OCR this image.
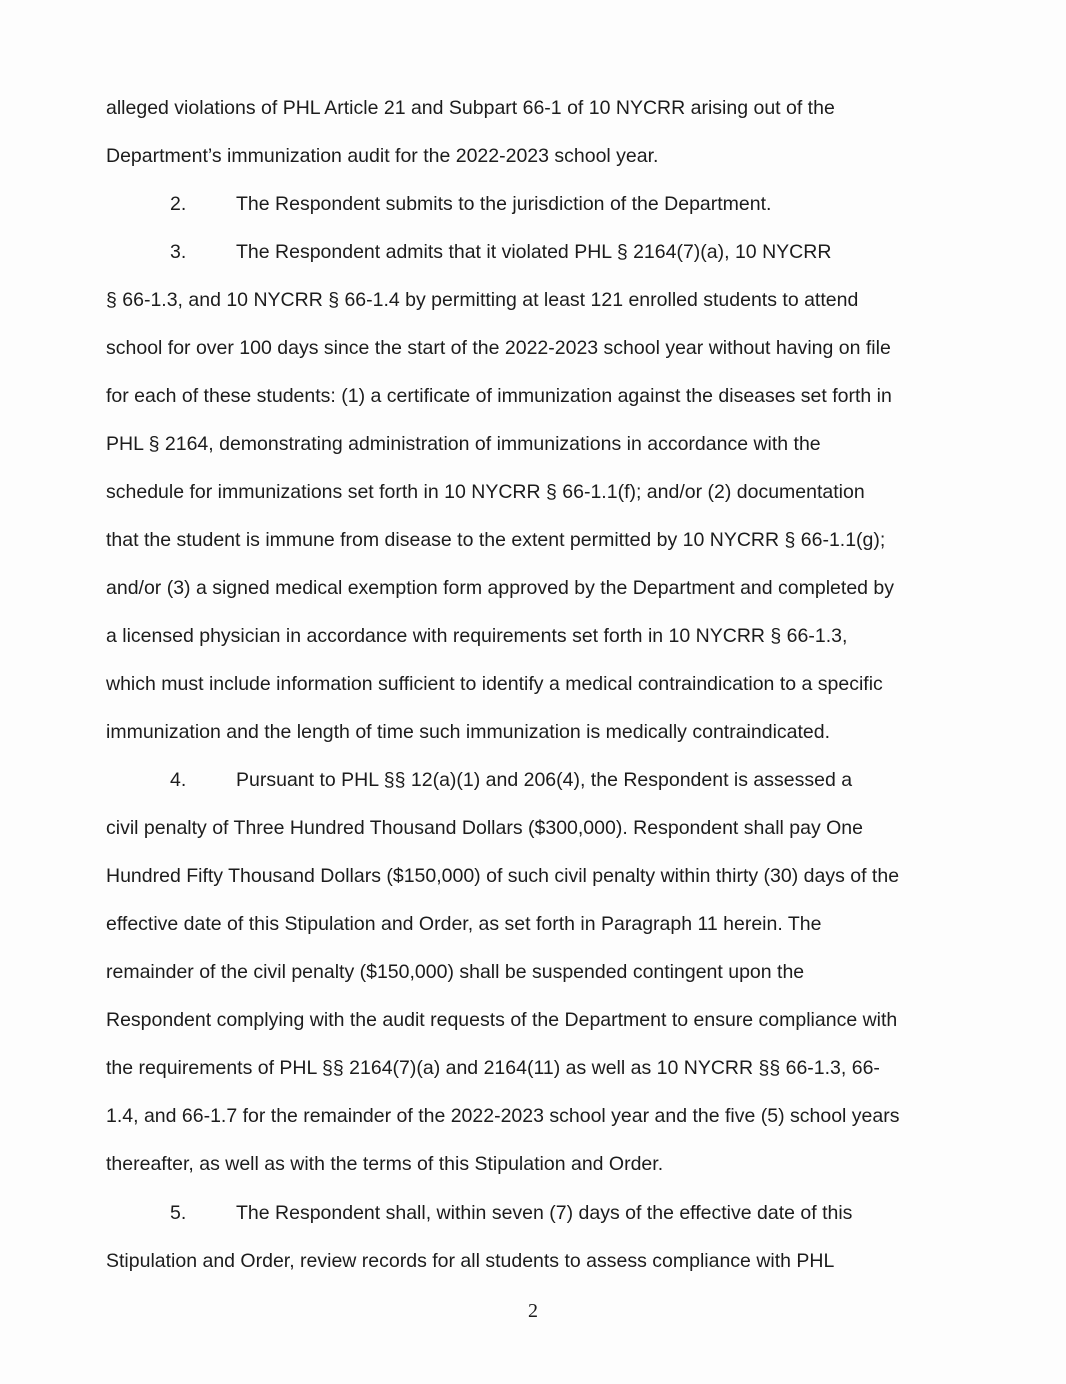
alleged violations of PHL Article 21 and Subpart 66-1 of 10 NYCRR arising out of the
Department’s immunization audit for the 2022-2023 school year.
2.	The Respondent submits to the jurisdiction of the Department.
3.	The Respondent admits that it violated PHL § 2164(7)(a), 10 NYCRR
§ 66-1.3, and 10 NYCRR § 66-1.4 by permitting at least 121 enrolled students to attend
school for over 100 days since the start of the 2022-2023 school year without having on file
for each of these students: (1) a certificate of immunization against the diseases set forth in
PHL § 2164, demonstrating administration of immunizations in accordance with the
schedule for immunizations set forth in 10 NYCRR § 66-1.1(f); and/or (2) documentation
that the student is immune from disease to the extent permitted by 10 NYCRR § 66-1.1(g);
and/or (3) a signed medical exemption form approved by the Department and completed by
a licensed physician in accordance with requirements set forth in 10 NYCRR § 66-1.3,
which must include information sufficient to identify a medical contraindication to a specific
immunization and the length of time such immunization is medically contraindicated.
4.	Pursuant to PHL §§ 12(a)(1) and 206(4), the Respondent is assessed a
civil penalty of Three Hundred Thousand Dollars ($300,000). Respondent shall pay One
Hundred Fifty Thousand Dollars ($150,000) of such civil penalty within thirty (30) days of the
effective date of this Stipulation and Order, as set forth in Paragraph 11 herein. The
remainder of the civil penalty ($150,000) shall be suspended contingent upon the
Respondent complying with the audit requests of the Department to ensure compliance with
the requirements of PHL §§ 2164(7)(a) and 2164(11) as well as 10 NYCRR §§ 66-1.3, 66-
1.4, and 66-1.7 for the remainder of the 2022-2023 school year and the five (5) school years
thereafter, as well as with the terms of this Stipulation and Order.
5.	The Respondent shall, within seven (7) days of the effective date of this
Stipulation and Order, review records for all students to assess compliance with PHL
2
